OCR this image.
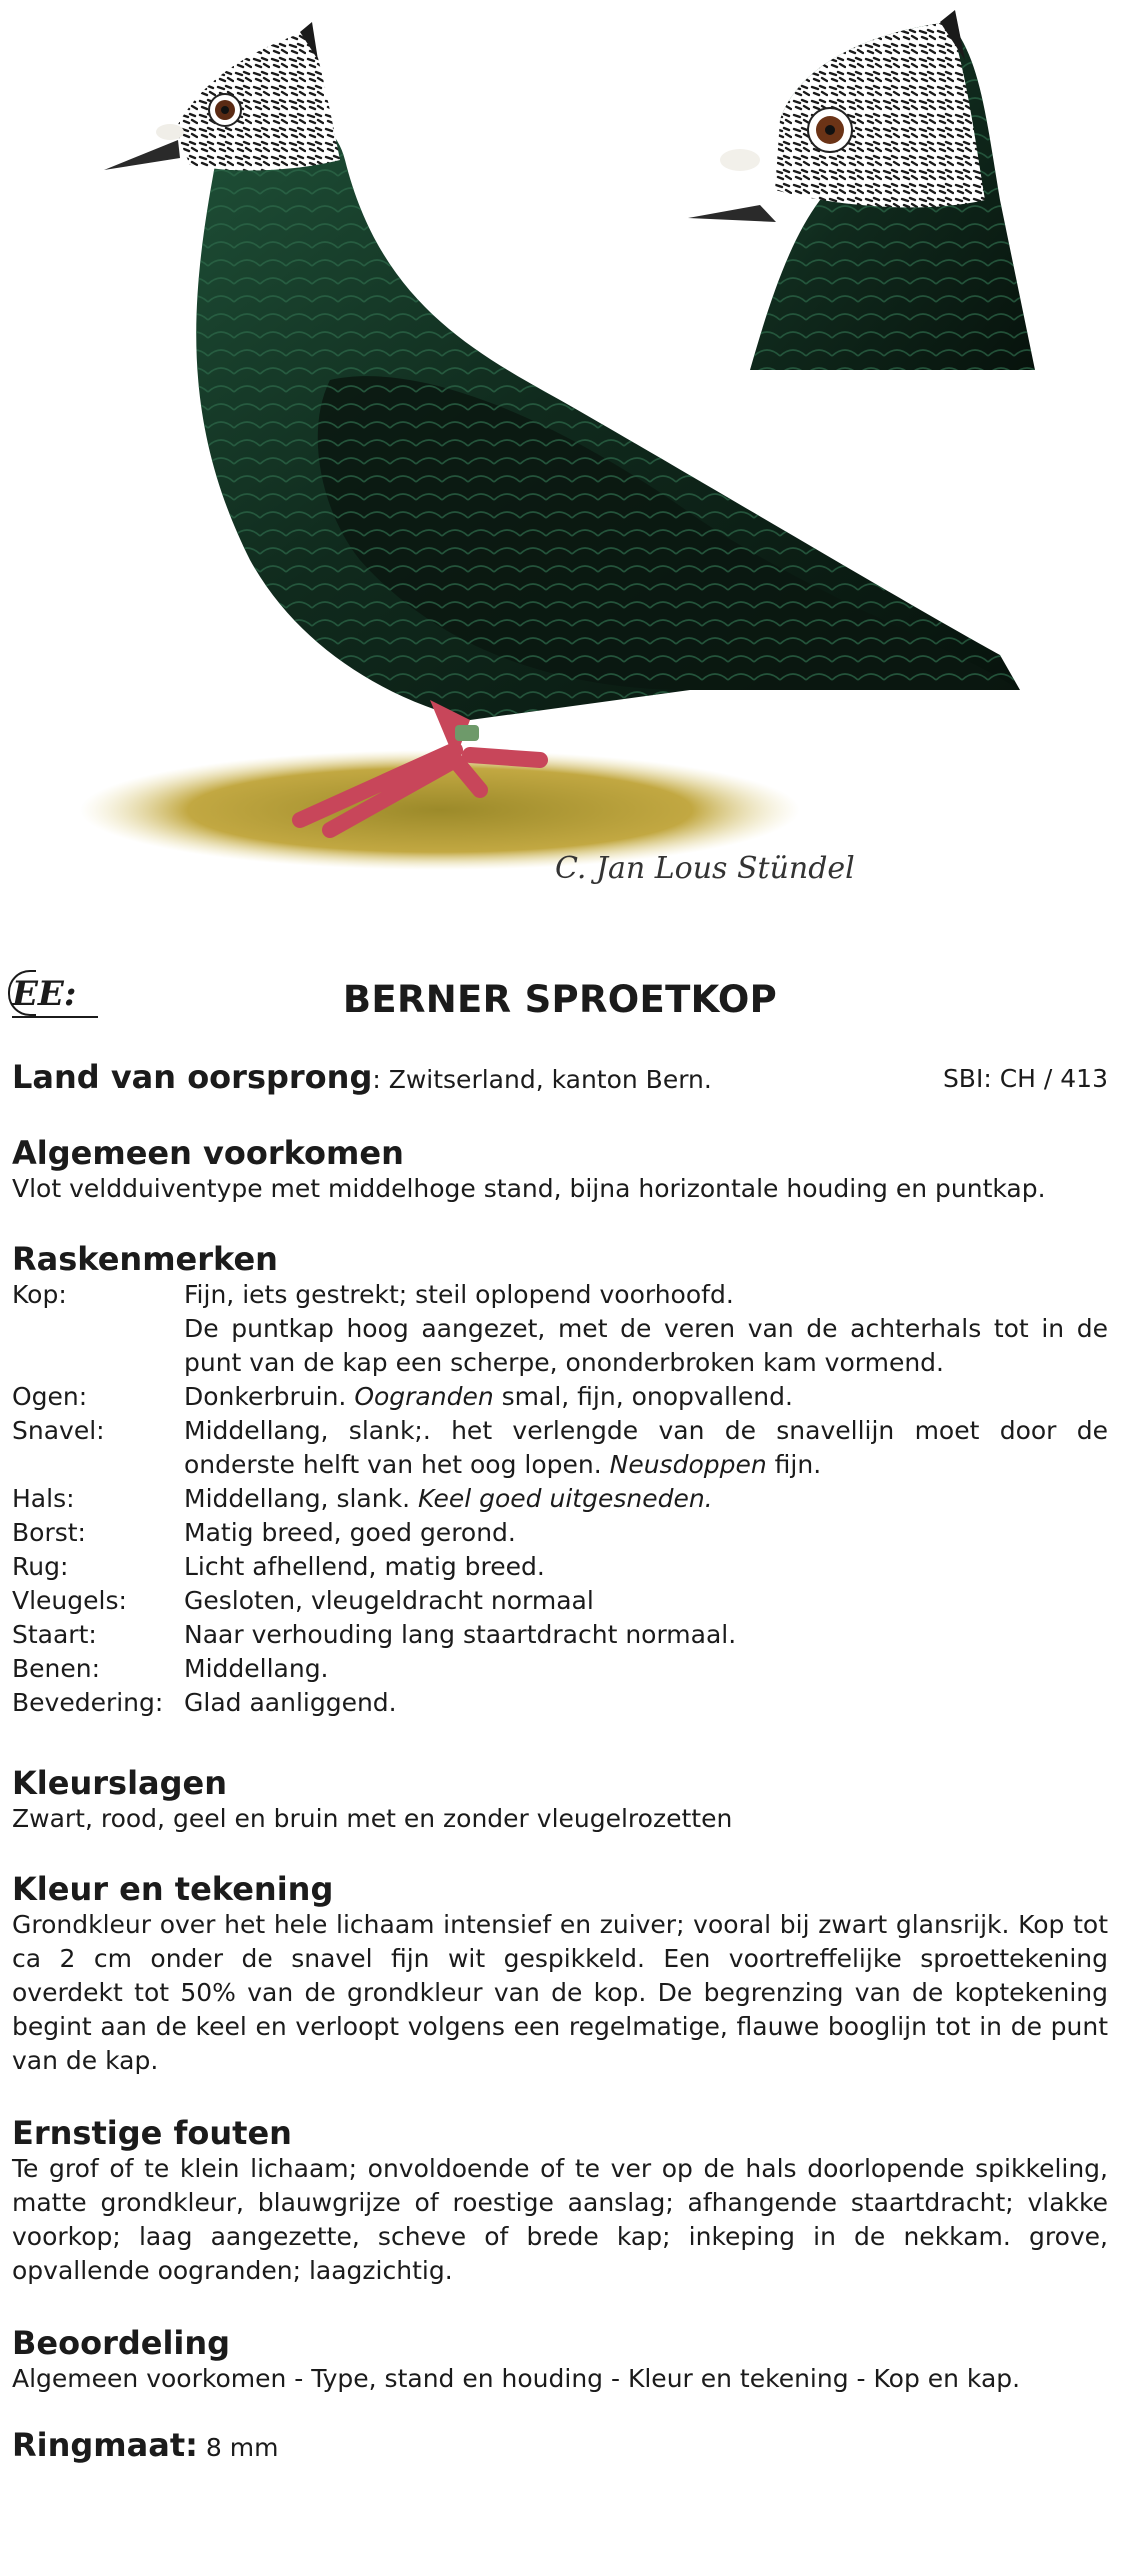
C. Jan Lous Stündel
EE:	BERNER SPROETKOP
Land van oorsprong: Zwitserland, kanton Bern.	SBI: CH / 413
Algemeen voorkomen

Vlot veldduiventype met middelhoge stand, bijna horizontale houding en puntkap.

Raskenmerken
Kop:	Fijn, iets gestrekt; steil oplopend voorhoofd.
De puntkap hoog aangezet, met de veren van de achterhals tot in de punt van de kap een scherpe, ononderbroken kam vormend.

Ogen:	Donkerbruin. Oogranden smal, fijn, onopvallend.
Snavel:	Middellang, slank;. het verlengde van de snavellijn moet door de onderste helft van het oog lopen. Neusdoppen fijn.
Hals:	Middellang, slank. Keel goed uitgesneden.
Borst:	Matig breed, goed gerond.
Rug:	Licht afhellend, matig breed.
Vleugels:	Gesloten, vleugeldracht normaal
Staart:	Naar verhouding lang staartdracht normaal.
Benen:	Middellang.
Bevedering:	Glad aanliggend.
Kleurslagen

Zwart, rood, geel en bruin met en zonder vleugelrozetten

Kleur en tekening

Grondkleur over het hele lichaam intensief en zuiver; vooral bij zwart glansrijk. Kop tot ca 2 cm onder de snavel fijn wit gespikkeld. Een voortreffelijke sproettekening overdekt tot 50% van de grondkleur van de kop. De begrenzing van de koptekening begint aan de keel en verloopt volgens een regelmatige, flauwe booglijn tot in de punt van de kap.

Ernstige fouten

Te grof of te klein lichaam; onvoldoende of te ver op de hals doorlopende spikkeling, matte grondkleur, blauwgrijze of roestige aanslag; afhangende staartdracht; vlakke voorkop; laag aangezette, scheve of brede kap; inkeping in de nekkam. grove, opvallende oogranden; laagzichtig.

Beoordeling

Algemeen voorkomen - Type, stand en houding - Kleur en tekening - Kop en kap.

Ringmaat: 8 mm
